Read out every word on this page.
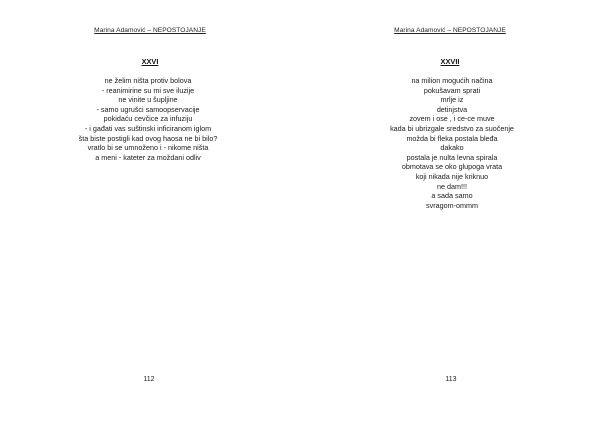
Marina Adamović – NEPOSTOJANJE
XXVI
ne želim ništa protiv bolova
- reanimirine su mi sve iluzije
ne vinite u šupljine
- samo ugrušci samoopservacije
pokidaću cevčice za infuziju
- i gađati vas suštinski inficiranom iglom
šta biste postigli kad ovog haosa ne bi bilo?
vratlo bi se umnoženo i - nikome ništa
a meni - kateter za moždani odliv
112
Marina Adamović – NEPOSTOJANJE
XXVII
na milion mogućih načina
pokušavam sprati
mrlje iz
detinjstva
zovem i ose , i ce-ce muve
kada bi ubrizgale sredstvo za suočenje
možda bi fleka postala bleđa
dakako
postala je nulta levna spirala
obmotava se oko glupoga vrata
koji nikada nije kriknuo
ne dam!!!
a sada samo
svragom-ommm
113
